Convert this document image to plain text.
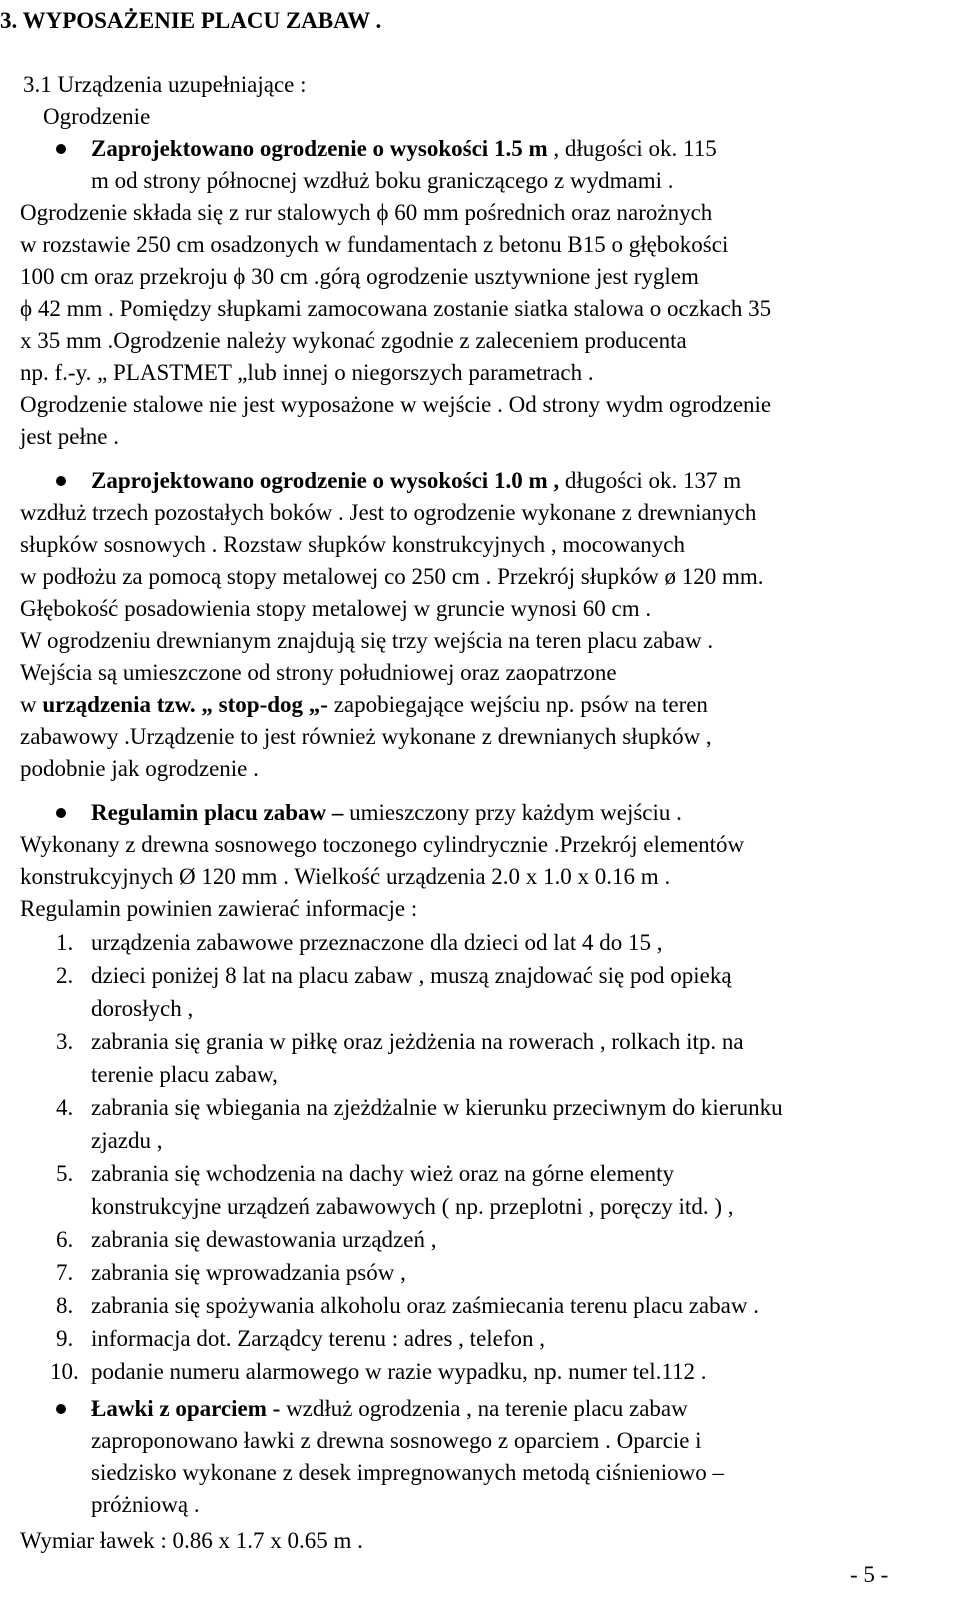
3. WYPOSAŻENIE PLACU ZABAW .
3.1 Urządzenia uzupełniające :
Ogrodzenie
Zaprojektowano ogrodzenie o wysokości 1.5 m , długości ok. 115
m od strony północnej wzdłuż boku graniczącego z wydmami .
Ogrodzenie składa się z rur stalowych ϕ 60 mm pośrednich oraz narożnych
w rozstawie 250 cm osadzonych w fundamentach z betonu B15 o głębokości
100 cm oraz przekroju ϕ 30 cm .górą ogrodzenie usztywnione jest ryglem
ϕ 42 mm . Pomiędzy słupkami zamocowana zostanie siatka stalowa o oczkach 35
x 35 mm .Ogrodzenie należy wykonać zgodnie z zaleceniem producenta
np. f.-y. „ PLASTMET „lub innej o niegorszych parametrach .
Ogrodzenie stalowe nie jest wyposażone w wejście . Od strony wydm ogrodzenie
jest pełne .
Zaprojektowano ogrodzenie o wysokości 1.0 m , długości ok. 137 m
wzdłuż trzech pozostałych boków . Jest to ogrodzenie wykonane z drewnianych
słupków sosnowych . Rozstaw słupków konstrukcyjnych , mocowanych
w podłożu za pomocą stopy metalowej co 250 cm . Przekrój słupków ø 120 mm.
Głębokość posadowienia stopy metalowej w gruncie wynosi 60 cm .
W ogrodzeniu drewnianym znajdują się trzy wejścia na teren placu zabaw .
Wejścia są umieszczone od strony południowej oraz zaopatrzone
w urządzenia tzw. „ stop-dog „- zapobiegające wejściu np. psów na teren
zabawowy .Urządzenie to jest również wykonane z drewnianych słupków ,
podobnie jak ogrodzenie .
Regulamin placu zabaw – umieszczony przy każdym wejściu .
Wykonany z drewna sosnowego toczonego cylindrycznie .Przekrój elementów
konstrukcyjnych Ø 120 mm . Wielkość urządzenia 2.0 x 1.0 x 0.16 m .
Regulamin powinien zawierać informacje :
Ławki z oparciem - wzdłuż ogrodzenia , na terenie placu zabaw
zaproponowano ławki z drewna sosnowego z oparciem . Oparcie i
siedzisko wykonane z desek impregnowanych metodą ciśnieniowo –
próżniową .
Wymiar ławek : 0.86 x 1.7 x 0.65 m .
- 5 -
1. urządzenia zabawowe przeznaczone dla dzieci od lat 4 do 15 ,
2. dzieci poniżej 8 lat na placu zabaw , muszą znajdować się pod opieką
dorosłych ,
3. zabrania się grania w piłkę oraz jeżdżenia na rowerach , rolkach itp. na
terenie placu zabaw,
4. zabrania się wbiegania na zjeżdżalnie w kierunku przeciwnym do kierunku
zjazdu ,
5. zabrania się wchodzenia na dachy wież oraz na górne elementy
konstrukcyjne urządzeń zabawowych ( np. przeplotni , poręczy itd. ) ,
6. zabrania się dewastowania urządzeń ,
7. zabrania się wprowadzania psów ,
8. zabrania się spożywania alkoholu oraz zaśmiecania terenu placu zabaw .
9. informacja dot. Zarządcy terenu : adres , telefon ,
10. podanie numeru alarmowego w razie wypadku, np. numer tel.112 .
